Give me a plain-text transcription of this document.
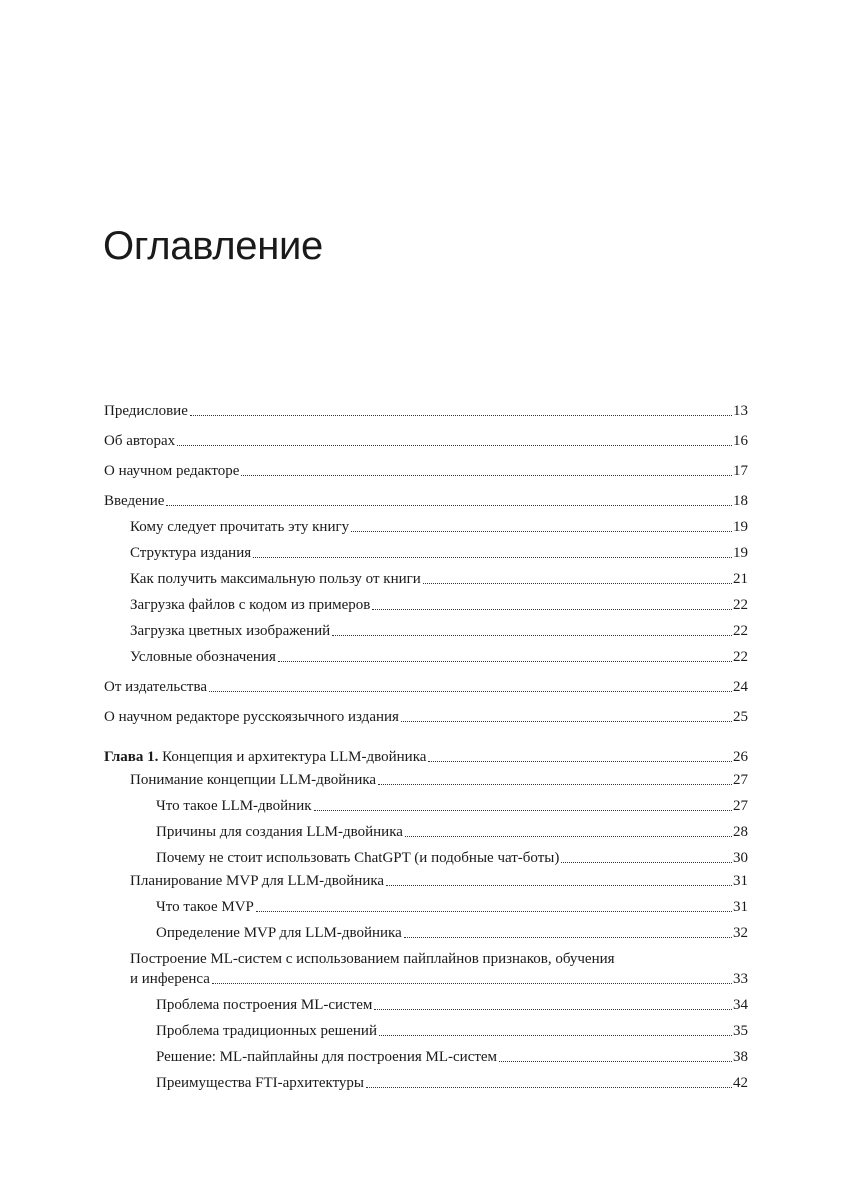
Оглавление
Предисловие	13
Об авторах	16
О научном редакторе	17
Введение	18
Кому следует прочитать эту книгу	19
Структура издания	19
Как получить максимальную пользу от книги	21
Загрузка файлов с кодом из примеров	22
Загрузка цветных изображений	22
Условные обозначения	22
От издательства	24
О научном редакторе русскоязычного издания	25
Глава 1. Концепция и архитектура LLM-двойника	26
Понимание концепции LLM-двойника	27
Что такое LLM-двойник	27
Причины для создания LLM-двойника	28
Почему не стоит использовать ChatGPT (и подобные чат-боты)	30
Планирование MVP для LLM-двойника	31
Что такое MVP	31
Определение MVP для LLM-двойника	32
Построение ML-систем с использованием пайплайнов признаков, обучения
и инференса	33
Проблема построения ML-систем	34
Проблема традиционных решений	35
Решение: ML-пайплайны для построения ML-систем	38
Преимущества FTI-архитектуры	42
